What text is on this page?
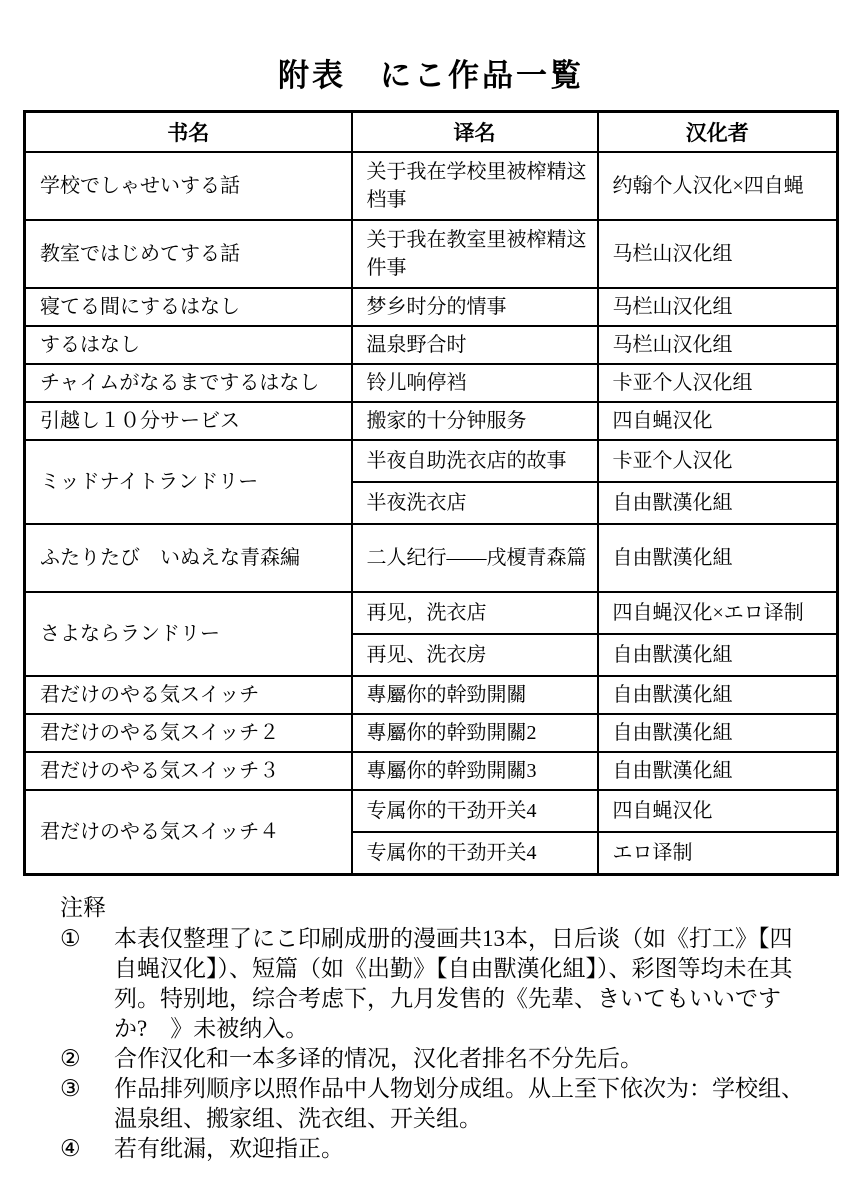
附表　にこ作品一覧
书名	译名	汉化者
学校でしゃせいする話	关于我在学校里被榨精这档事	约翰个人汉化×四自蝇
教室ではじめてする話	关于我在教室里被榨精这件事	马栏山汉化组
寝てる間にするはなし	梦乡时分的情事	马栏山汉化组
するはなし	温泉野合时	马栏山汉化组
チャイムがなるまでするはなし	铃儿响停裆	卡亚个人汉化组
引越し１０分サービス	搬家的十分钟服务	四自蝇汉化
ミッドナイトランドリー	半夜自助洗衣店的故事	卡亚个人汉化
	半夜洗衣店	自由獸漢化組
ふたりたび　いぬえな青森編	二人纪行——戌榎青森篇	自由獸漢化組
さよならランドリー	再见，洗衣店	四自蝇汉化×エロ译制
	再见、洗衣房	自由獸漢化組
君だけのやる気スイッチ	專屬你的幹勁開關	自由獸漢化組
君だけのやる気スイッチ２	專屬你的幹勁開關2	自由獸漢化組
君だけのやる気スイッチ３	專屬你的幹勁開關3	自由獸漢化組
君だけのやる気スイッチ４	专属你的干劲开关4	四自蝇汉化
	专属你的干劲开关4	エロ译制
注释
①	本表仅整理了にこ印刷成册的漫画共13本，日后谈（如《打工》【四自蝇汉化】）、短篇（如《出勤》【自由獸漢化組】）、彩图等均未在其列。特别地，综合考虑下，九月发售的《先辈、きいてもいいですか?　》未被纳入。
②	合作汉化和一本多译的情况，汉化者排名不分先后。
③	作品排列顺序以照作品中人物划分成组。从上至下依次为：学校组、温泉组、搬家组、洗衣组、开关组。
④	若有纰漏，欢迎指正。
